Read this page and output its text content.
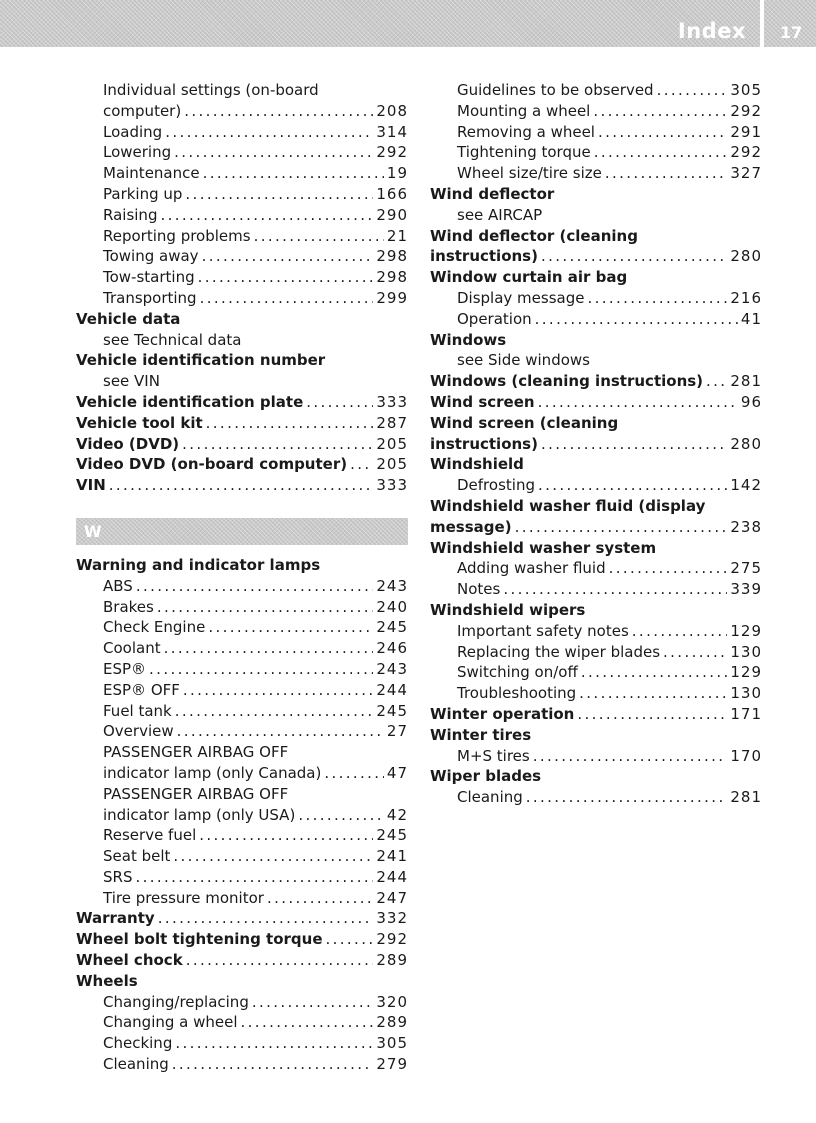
Index 17
Individual settings (on-board
computer) . . .	208
Loading . . .	314
Lowering . . .	292
Maintenance . . .	19
Parking up . . .	166
Raising . . .	290
Reporting problems . . .	21
Towing away . . .	298
Tow-starting . . .	298
Transporting . . .	299
Vehicle data
see Technical data
Vehicle identification number
see VIN
Vehicle identification plate . . .	333
Vehicle tool kit . . .	287
Video (DVD) . . .	205
Video DVD (on-board computer) . . . 205
VIN . . .	333
W
Warning and indicator lamps
ABS . . .	243
Brakes . . .	240
Check Engine . . .	245
Coolant . . .	246
ESP® . . .	243
ESP® OFF . . .	244
Fuel tank . . .	245
Overview . . .	27
PASSENGER AIRBAG OFF
indicator lamp (only Canada) . . .	47
PASSENGER AIRBAG OFF
indicator lamp (only USA) . . .	42
Reserve fuel . . .	245
Seat belt . . .	241
SRS . . .	244
Tire pressure monitor . . .	247
Warranty . . .	332
Wheel bolt tightening torque . . .	292
Wheel chock . . .	289
Wheels
Changing/replacing . . .	320
Changing a wheel . . .	289
Checking . . .	305
Cleaning . . .	279
Guidelines to be observed . . .	305
Mounting a wheel . . .	292
Removing a wheel . . .	291
Tightening torque . . .	292
Wheel size/tire size . . .	327
Wind deflector
see AIRCAP
Wind deflector (cleaning
instructions) . . .	280
Window curtain air bag
Display message . . .	216
Operation . . .	41
Windows
see Side windows
Windows (cleaning instructions) . . . 281
Wind screen . . .	96
Wind screen (cleaning
instructions) . . .	280
Windshield
Defrosting . . .	142
Windshield washer fluid (display
message) . . .	238
Windshield washer system
Adding washer fluid . . .	275
Notes . . .	339
Windshield wipers
Important safety notes . . .	129
Replacing the wiper blades . . .	130
Switching on/off . . .	129
Troubleshooting . . .	130
Winter operation . . .	171
Winter tires
M+S tires . . .	170
Wiper blades
Cleaning . . .	281
